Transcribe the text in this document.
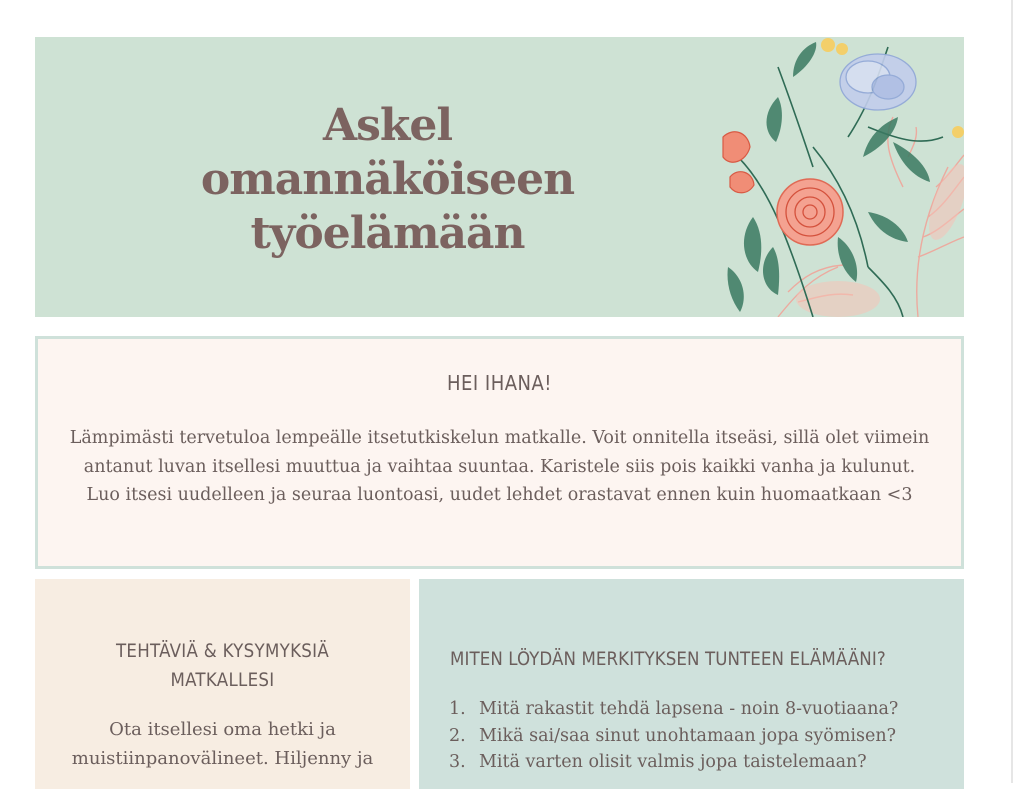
Askel
omannäköiseen
työelämään
HEI IHANA!

Lämpimästi tervetuloa lempeälle itsetutkiskelun matkalle. Voit onnitella itseäsi, sillä olet viimein antanut luvan itsellesi muuttua ja vaihtaa suuntaa. Karistele siis pois kaikki vanha ja kulunut. Luo itsesi uudelleen ja seuraa luontoasi, uudet lehdet orastavat ennen kuin huomaatkaan <3

TEHTÄVIÄ & KYSYMYKSIÄ MATKALLESI

Ota itsellesi oma hetki ja muistiinpanovälineet. Hiljenny ja

MITEN LÖYDÄN MERKITYKSEN TUNTEEN ELÄMÄÄNI?
1. Mitä rakastit tehdä lapsena - noin 8-vuotiaana?
2. Mikä sai/saa sinut unohtamaan jopa syömisen?
3. Mitä varten olisit valmis jopa taistelemaan?
